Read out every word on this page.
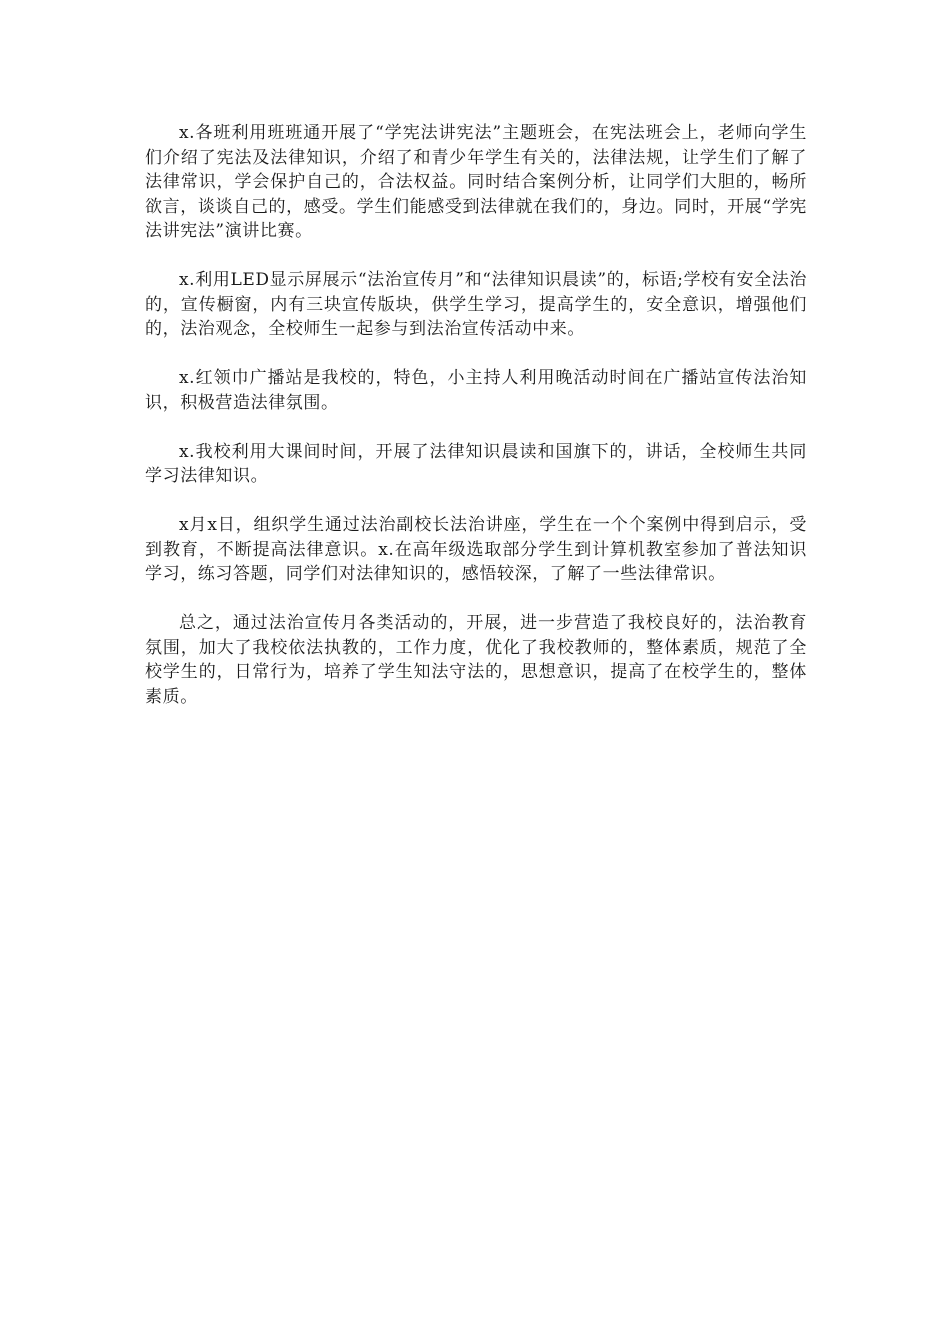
x.各班利用班班通开展了“学宪法讲宪法”主题班会，在宪法班会上，老师向学生们介绍了宪法及法律知识，介绍了和青少年学生有关的，法律法规，让学生们了解了法律常识，学会保护自己的，合法权益。同时结合案例分析，让同学们大胆的，畅所欲言，谈谈自己的，感受。学生们能感受到法律就在我们的，身边。同时，开展“学宪法讲宪法”演讲比赛。

x.利用LED显示屏展示“法治宣传月”和“法律知识晨读”的，标语;学校有安全法治的，宣传橱窗，内有三块宣传版块，供学生学习，提高学生的，安全意识，增强他们的，法治观念，全校师生一起参与到法治宣传活动中来。

x.红领巾广播站是我校的，特色，小主持人利用晚活动时间在广播站宣传法治知识，积极营造法律氛围。

x.我校利用大课间时间，开展了法律知识晨读和国旗下的，讲话，全校师生共同学习法律知识。

x月x日，组织学生通过法治副校长法治讲座，学生在一个个案例中得到启示，受到教育，不断提高法律意识。x.在高年级选取部分学生到计算机教室参加了普法知识学习，练习答题，同学们对法律知识的，感悟较深，了解了一些法律常识。

总之，通过法治宣传月各类活动的，开展，进一步营造了我校良好的，法治教育氛围，加大了我校依法执教的，工作力度，优化了我校教师的，整体素质，规范了全校学生的，日常行为，培养了学生知法守法的，思想意识，提高了在校学生的，整体素质。
